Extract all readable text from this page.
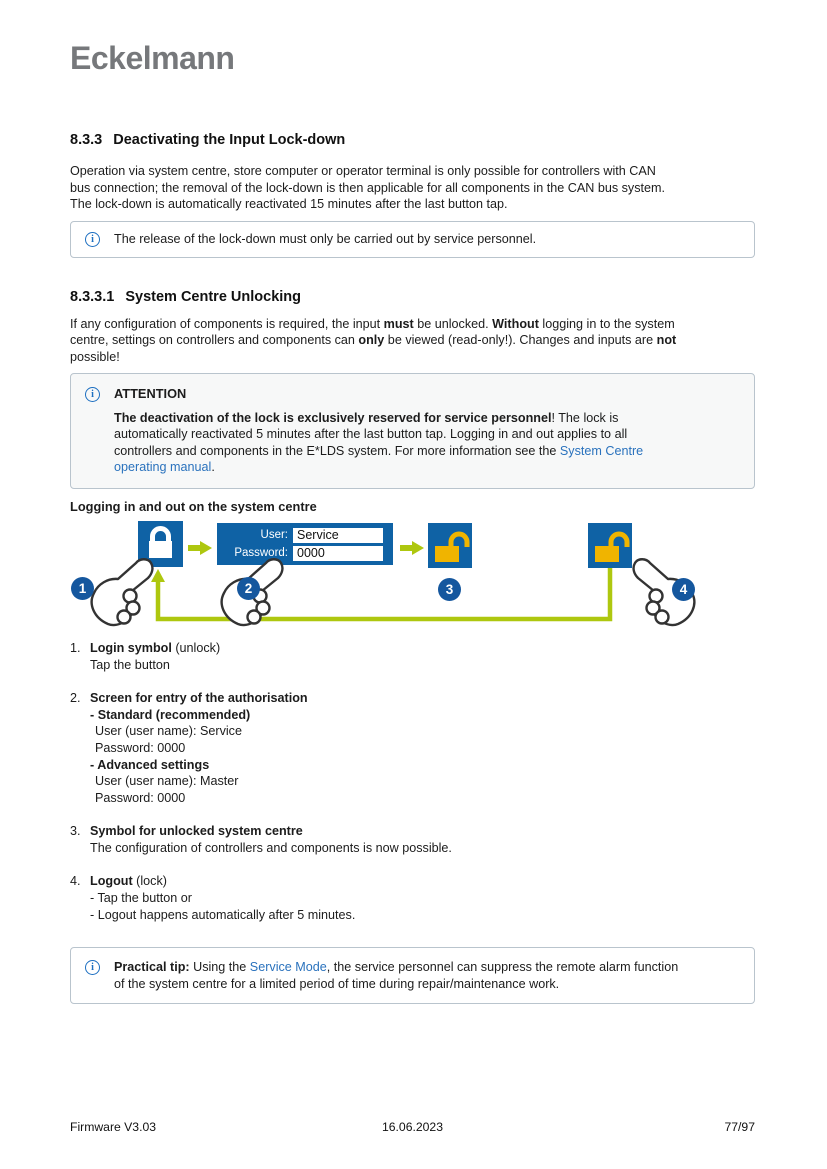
Eckelmann
8.3.3 Deactivating the Input Lock-down
Operation via system centre, store computer or operator terminal is only possible for controllers with CAN
bus connection; the removal of the lock-down is then applicable for all components in the CAN bus system.
The lock-down is automatically reactivated 15 minutes after the last button tap.
i	The release of the lock-down must only be carried out by service personnel.
8.3.3.1 System Centre Unlocking
If any configuration of components is required, the input must be unlocked. Without logging in to the system
centre, settings on controllers and components can only be viewed (read-only!). Changes and inputs are not
possible!
i	ATTENTION
The deactivation of the lock is exclusively reserved for service personnel! The lock is
automatically reactivated 5 minutes after the last button tap. Logging in and out applies to all
controllers and components in the E*LDS system. For more information see the System Centre
operating manual.
Logging in and out on the system centre
User: Service
Password: 0000
1	2	3	4
1. Login symbol (unlock)
Tap the button
2. Screen for entry of the authorisation
- Standard (recommended)
User (user name): Service
Password: 0000
- Advanced settings
User (user name): Master
Password: 0000
3. Symbol for unlocked system centre
The configuration of controllers and components is now possible.
4. Logout (lock)
- Tap the button or
- Logout happens automatically after 5 minutes.
i	Practical tip: Using the Service Mode, the service personnel can suppress the remote alarm function
of the system centre for a limited period of time during repair/maintenance work.
Firmware V3.03	16.06.2023	77/97
